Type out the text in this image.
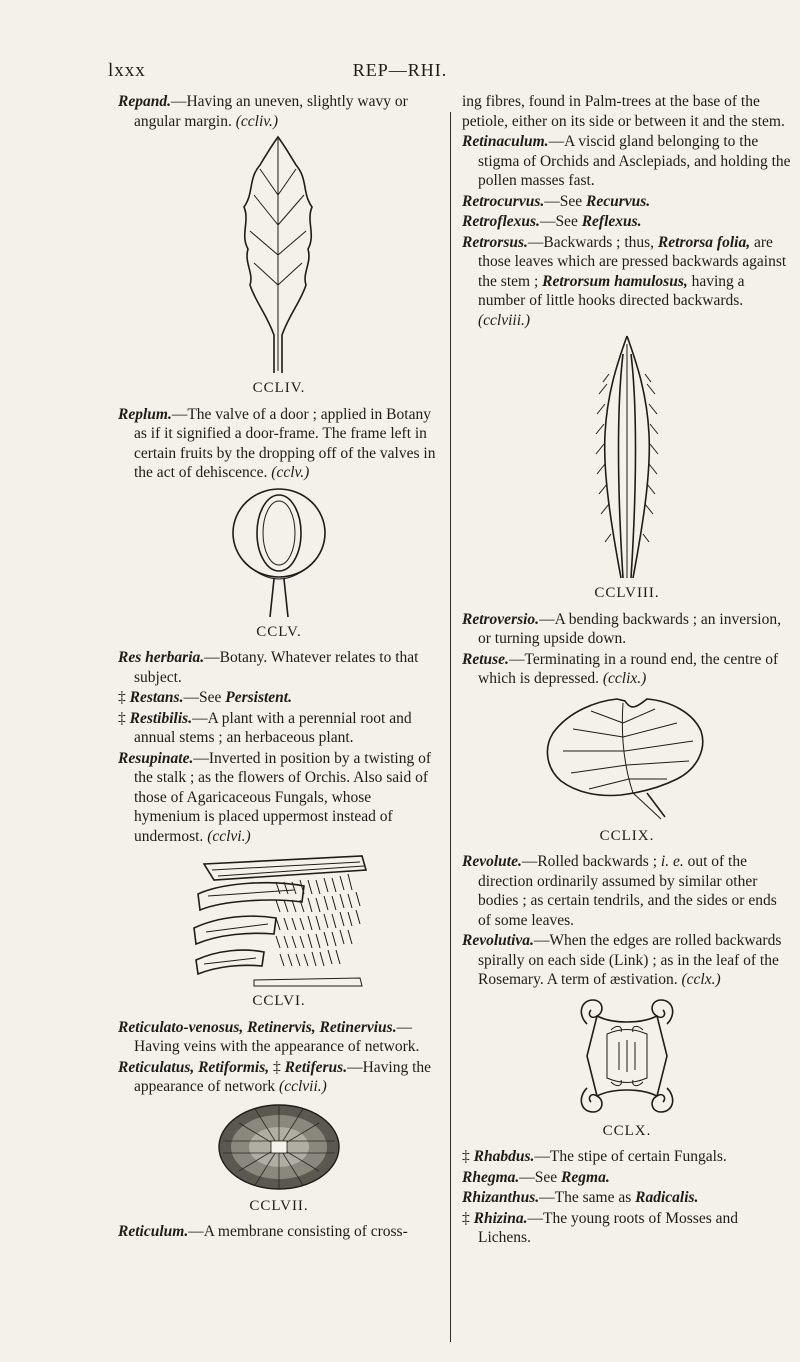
lxxx	REP—RHI.

Repand.—Having an uneven, slightly wavy or angular margin. (ccliv.)

CCLIV.

Replum.—The valve of a door ; applied in Botany as if it signified a door-frame. The frame left in certain fruits by the dropping off of the valves in the act of dehiscence. (cclv.)

CCLV.

Res herbaria.—Botany. Whatever relates to that subject.

‡ Restans.—See Persistent.

‡ Restibilis.—A plant with a perennial root and annual stems ; an herbaceous plant.

Resupinate.—Inverted in position by a twisting of the stalk ; as the flowers of Orchis. Also said of those of Agaricaceous Fungals, whose hymenium is placed uppermost instead of undermost. (cclvi.)

CCLVI.

Reticulato-venosus, Retinervis, Retinervius.—Having veins with the appearance of network.

Reticulatus, Retiformis, ‡ Retiferus.—Having the appearance of network (cclvii.)

CCLVII.

Reticulum.—A membrane consisting of cross-

ing fibres, found in Palm-trees at the base of the petiole, either on its side or between it and the stem.

Retinaculum.—A viscid gland belonging to the stigma of Orchids and Asclepiads, and holding the pollen masses fast.

Retrocurvus.—See Recurvus.

Retroflexus.—See Reflexus.

Retrorsus.—Backwards ; thus, Retrorsa folia, are those leaves which are pressed backwards against the stem ; Retrorsum hamulosus, having a number of little hooks directed backwards. (cclviii.)

CCLVIII.

Retroversio.—A bending backwards ; an inversion, or turning upside down.

Retuse.—Terminating in a round end, the centre of which is depressed. (cclix.)

CCLIX.

Revolute.—Rolled backwards ; i. e. out of the direction ordinarily assumed by similar other bodies ; as certain tendrils, and the sides or ends of some leaves.

Revolutiva.—When the edges are rolled backwards spirally on each side (Link) ; as in the leaf of the Rosemary. A term of æstivation. (cclx.)

CCLX.

‡ Rhabdus.—The stipe of certain Fungals.

Rhegma.—See Regma.

Rhizanthus.—The same as Radicalis.

‡ Rhizina.—The young roots of Mosses and Lichens.
